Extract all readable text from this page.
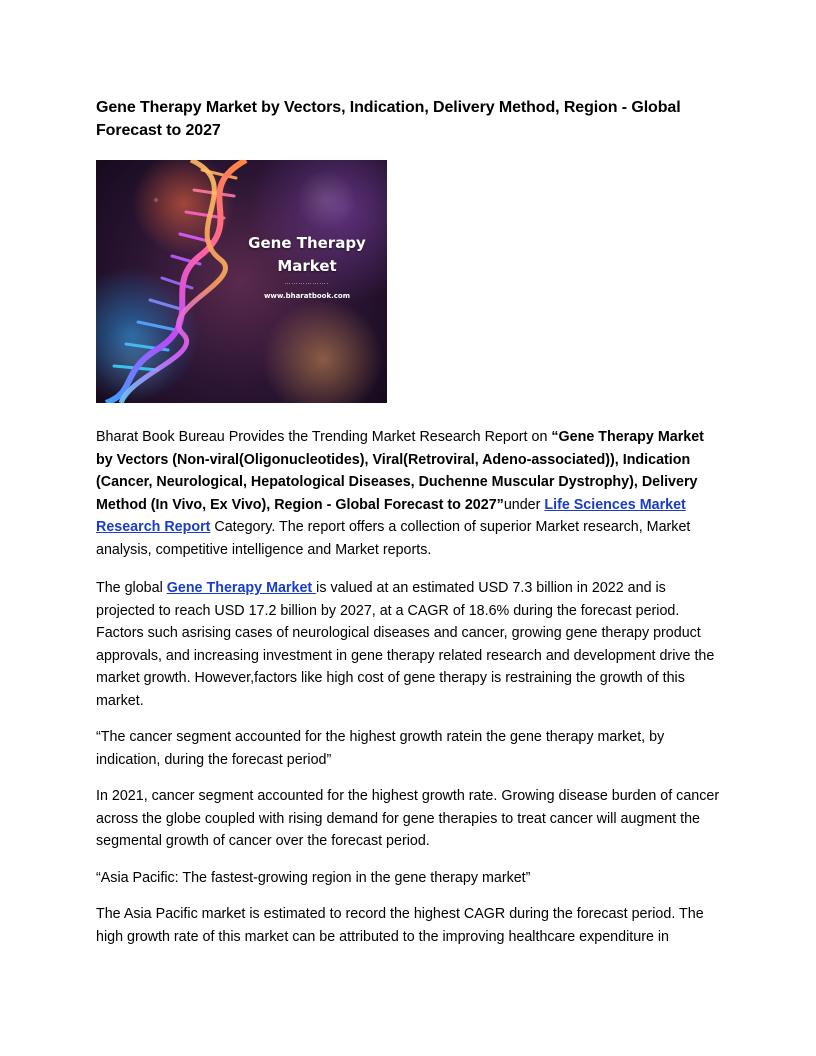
Gene Therapy Market by Vectors, Indication, Delivery Method, Region - Global Forecast to 2027
Gene Therapy
Market
……………….
www.bharatbook.com

Bharat Book Bureau Provides the Trending Market Research Report on “Gene Therapy Market by Vectors (Non-viral(Oligonucleotides), Viral(Retroviral, Adeno-associated)), Indication (Cancer, Neurological, Hepatological Diseases, Duchenne Muscular Dystrophy), Delivery Method (In Vivo, Ex Vivo), Region - Global Forecast to 2027”under Life Sciences Market Research Report Category. The report offers a collection of superior Market research, Market analysis, competitive intelligence and Market reports.

The global Gene Therapy Market is valued at an estimated USD 7.3 billion in 2022 and is projected to reach USD 17.2 billion by 2027, at a CAGR of 18.6% during the forecast period. Factors such asrising cases of neurological diseases and cancer, growing gene therapy product approvals, and increasing investment in gene therapy related research and development drive the market growth. However,factors like high cost of gene therapy is restraining the growth of this market.

“The cancer segment accounted for the highest growth ratein the gene therapy market, by indication, during the forecast period”

In 2021, cancer segment accounted for the highest growth rate. Growing disease burden of cancer across the globe coupled with rising demand for gene therapies to treat cancer will augment the segmental growth of cancer over the forecast period.

“Asia Pacific: The fastest-growing region in the gene therapy market”

The Asia Pacific market is estimated to record the highest CAGR during the forecast period. The high growth rate of this market can be attributed to the improving healthcare expenditure in
